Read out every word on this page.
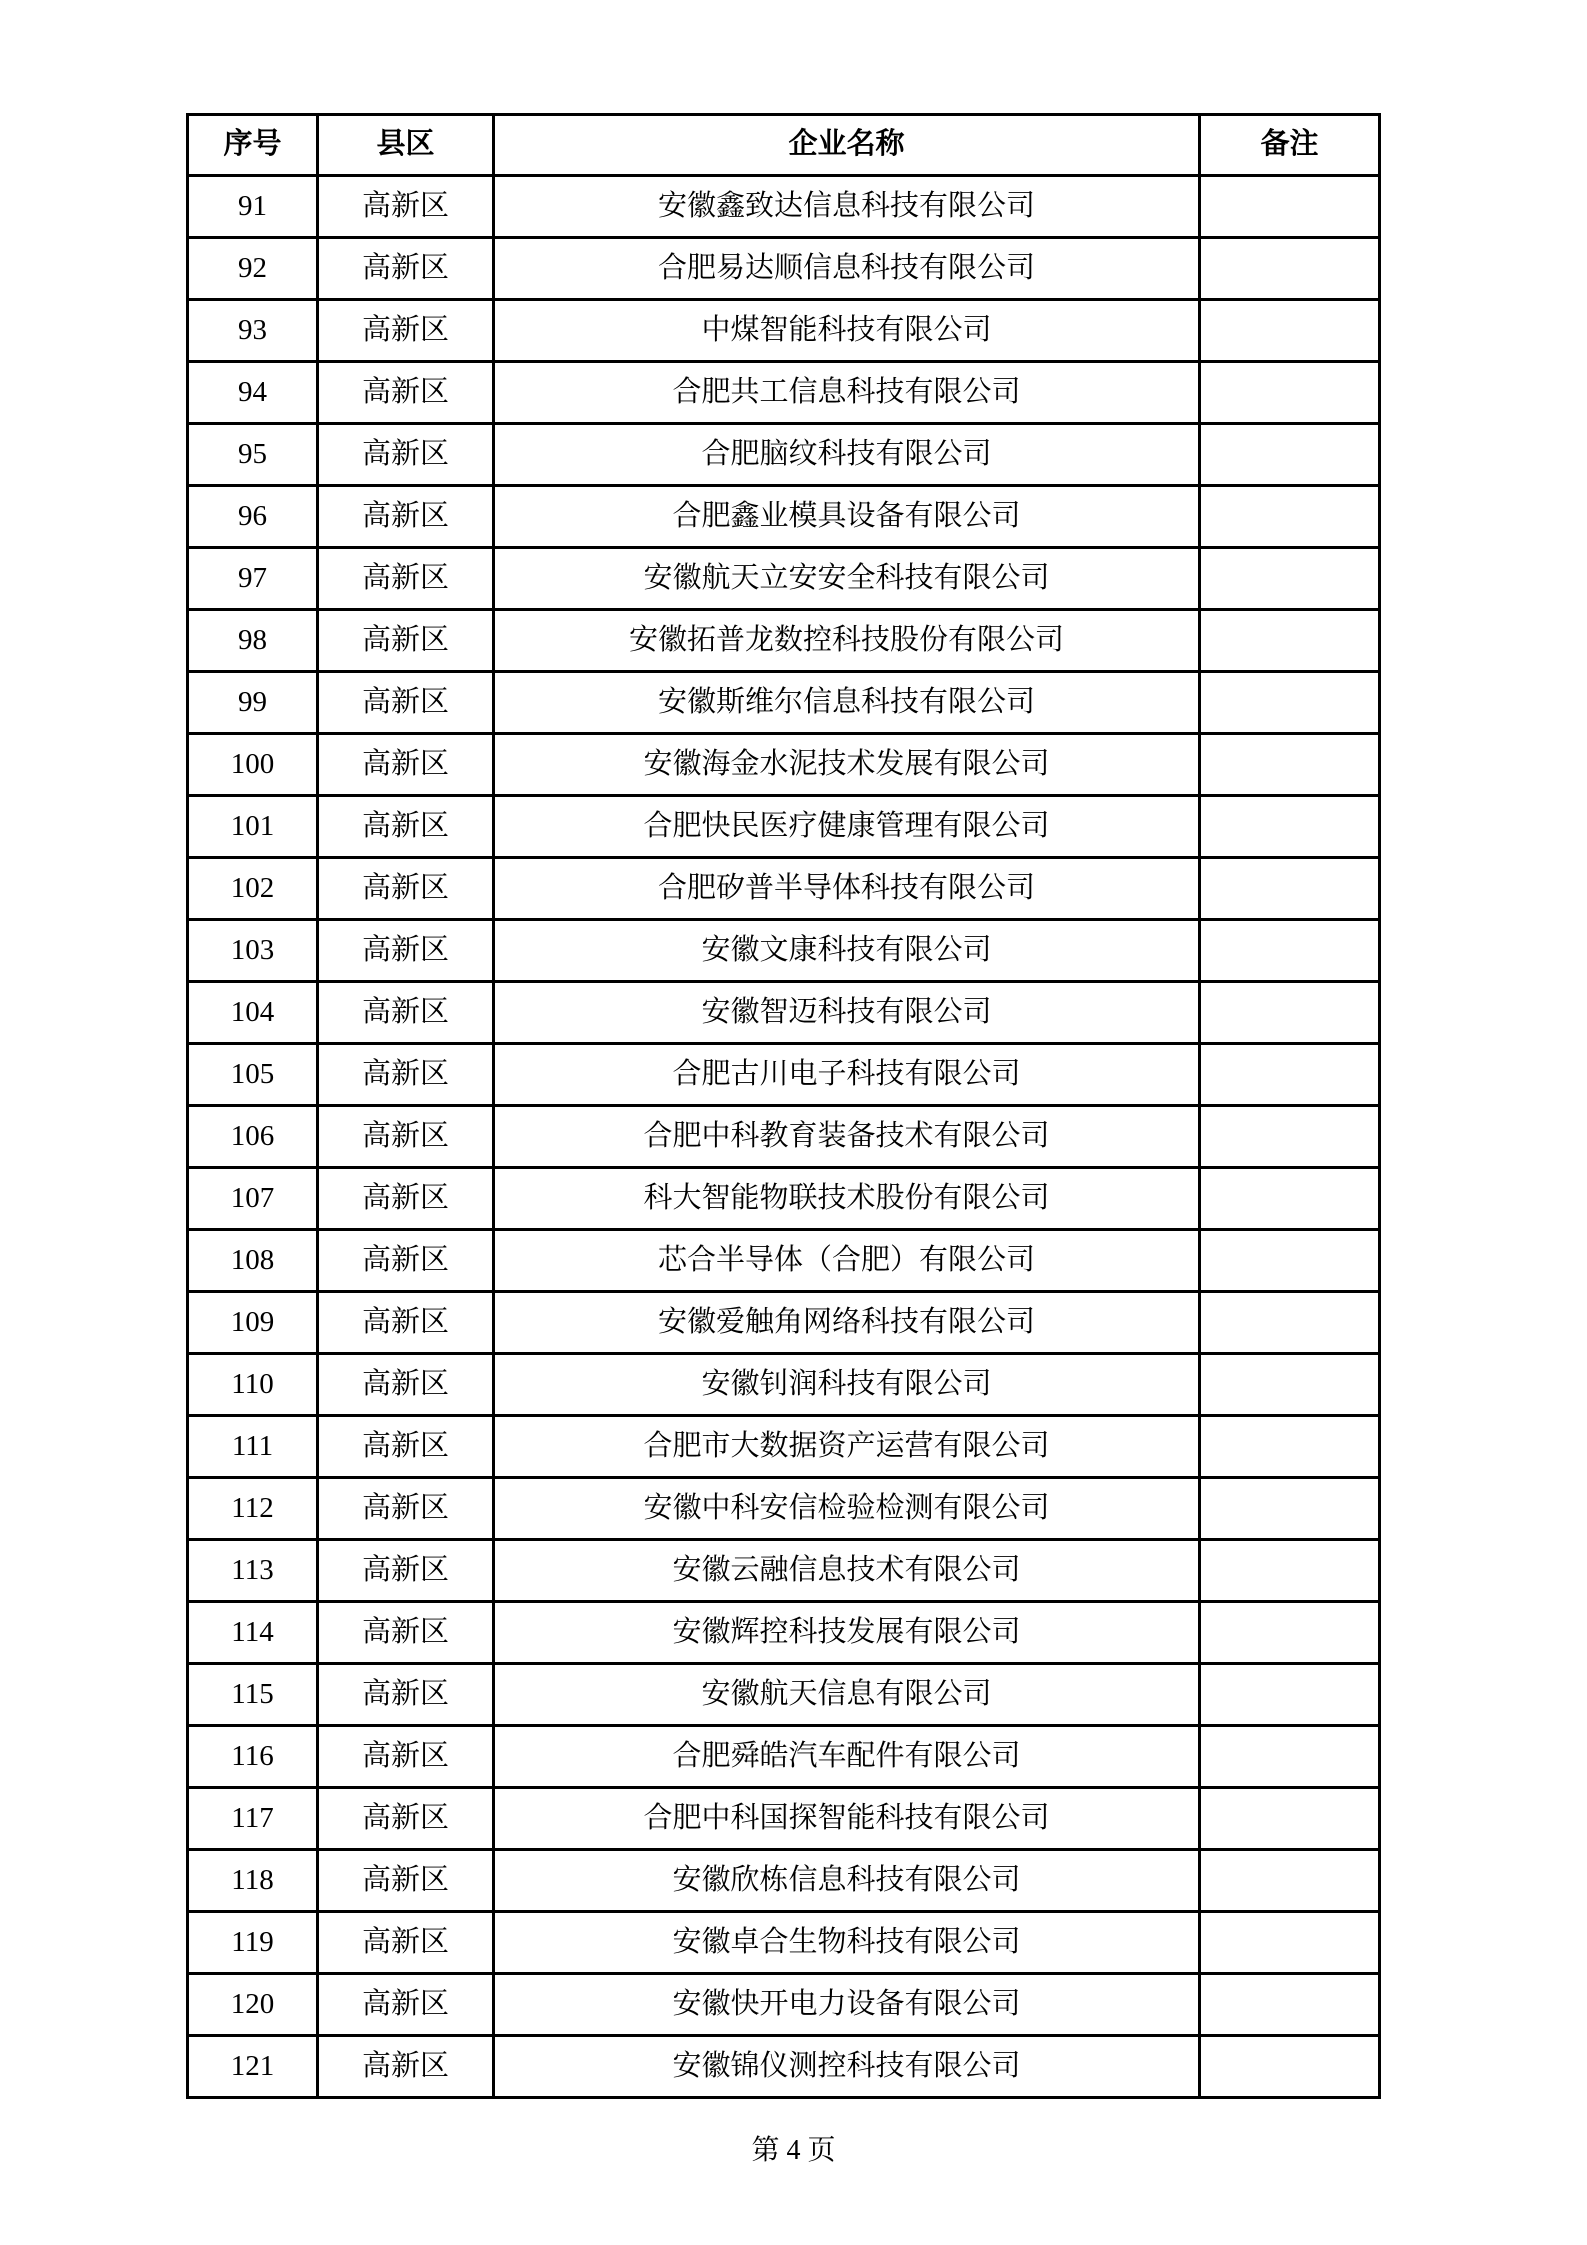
序号	县区	企业名称	备注
91	高新区	安徽鑫致达信息科技有限公司	
92	高新区	合肥易达顺信息科技有限公司	
93	高新区	中煤智能科技有限公司	
94	高新区	合肥共工信息科技有限公司	
95	高新区	合肥脑纹科技有限公司	
96	高新区	合肥鑫业模具设备有限公司	
97	高新区	安徽航天立安安全科技有限公司	
98	高新区	安徽拓普龙数控科技股份有限公司	
99	高新区	安徽斯维尔信息科技有限公司	
100	高新区	安徽海金水泥技术发展有限公司	
101	高新区	合肥快民医疗健康管理有限公司	
102	高新区	合肥矽普半导体科技有限公司	
103	高新区	安徽文康科技有限公司	
104	高新区	安徽智迈科技有限公司	
105	高新区	合肥古川电子科技有限公司	
106	高新区	合肥中科教育装备技术有限公司	
107	高新区	科大智能物联技术股份有限公司	
108	高新区	芯合半导体（合肥）有限公司	
109	高新区	安徽爱触角网络科技有限公司	
110	高新区	安徽钊润科技有限公司	
111	高新区	合肥市大数据资产运营有限公司	
112	高新区	安徽中科安信检验检测有限公司	
113	高新区	安徽云融信息技术有限公司	
114	高新区	安徽辉控科技发展有限公司	
115	高新区	安徽航天信息有限公司	
116	高新区	合肥舜皓汽车配件有限公司	
117	高新区	合肥中科国探智能科技有限公司	
118	高新区	安徽欣栋信息科技有限公司	
119	高新区	安徽卓合生物科技有限公司	
120	高新区	安徽快开电力设备有限公司	
121	高新区	安徽锦仪测控科技有限公司	
第 4 页
